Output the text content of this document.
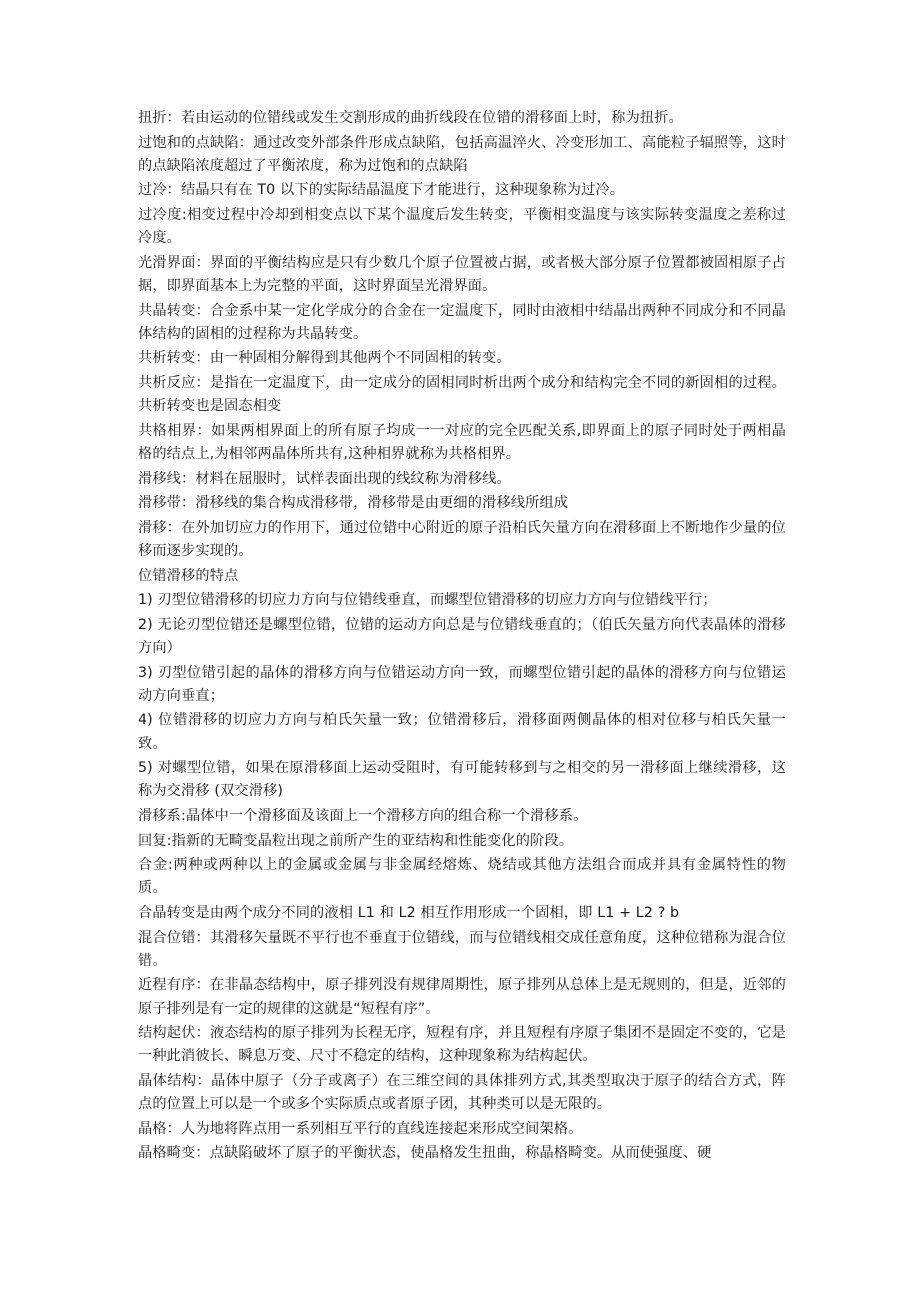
扭折：若由运动的位错线或发生交割形成的曲折线段在位错的滑移面上时，称为扭折。

过饱和的点缺陷：通过改变外部条件形成点缺陷，包括高温淬火、冷变形加工、高能粒子辐照等，这时的点缺陷浓度超过了平衡浓度，称为过饱和的点缺陷

过冷：结晶只有在 T0 以下的实际结晶温度下才能进行，这种现象称为过冷。

过冷度:相变过程中冷却到相变点以下某个温度后发生转变，平衡相变温度与该实际转变温度之差称过冷度。

光滑界面：界面的平衡结构应是只有少数几个原子位置被占据，或者极大部分原子位置都被固相原子占据，即界面基本上为完整的平面，这时界面呈光滑界面。

共晶转变：合金系中某一定化学成分的合金在一定温度下，同时由液相中结晶出两种不同成分和不同晶体结构的固相的过程称为共晶转变。

共析转变：由一种固相分解得到其他两个不同固相的转变。

共析反应：是指在一定温度下，由一定成分的固相同时析出两个成分和结构完全不同的新固相的过程。共析转变也是固态相变

共格相界：如果两相界面上的所有原子均成一一对应的完全匹配关系,即界面上的原子同时处于两相晶格的结点上,为相邻两晶体所共有,这种相界就称为共格相界。

滑移线：材料在屈服时，试样表面出现的线纹称为滑移线。

滑移带：滑移线的集合构成滑移带，滑移带是由更细的滑移线所组成

滑移：在外加切应力的作用下，通过位错中心附近的原子沿柏氏矢量方向在滑移面上不断地作少量的位移而逐步实现的。

位错滑移的特点

1) 刃型位错滑移的切应力方向与位错线垂直，而螺型位错滑移的切应力方向与位错线平行；

2) 无论刃型位错还是螺型位错，位错的运动方向总是与位错线垂直的；（伯氏矢量方向代表晶体的滑移方向）

3) 刃型位错引起的晶体的滑移方向与位错运动方向一致，而螺型位错引起的晶体的滑移方向与位错运动方向垂直；

4) 位错滑移的切应力方向与柏氏矢量一致；位错滑移后，滑移面两侧晶体的相对位移与柏氏矢量一致。

5) 对螺型位错，如果在原滑移面上运动受阻时，有可能转移到与之相交的另一滑移面上继续滑移，这称为交滑移 (双交滑移)

滑移系:晶体中一个滑移面及该面上一个滑移方向的组合称一个滑移系。

回复:指新的无畸变晶粒出现之前所产生的亚结构和性能变化的阶段。

合金:两种或两种以上的金属或金属与非金属经熔炼、烧结或其他方法组合而成并具有金属特性的物质。

合晶转变是由两个成分不同的液相 L1 和 L2 相互作用形成一个固相，即 L1 + L2 ? b

混合位错：其滑移矢量既不平行也不垂直于位错线，而与位错线相交成任意角度，这种位错称为混合位错。

近程有序：在非晶态结构中，原子排列没有规律周期性，原子排列从总体上是无规则的，但是，近邻的原子排列是有一定的规律的这就是“短程有序”。

结构起伏：液态结构的原子排列为长程无序，短程有序，并且短程有序原子集团不是固定不变的，它是一种此消彼长、瞬息万变、尺寸不稳定的结构，这种现象称为结构起伏。

晶体结构：晶体中原子（分子或离子）在三维空间的具体排列方式,其类型取决于原子的结合方式，阵点的位置上可以是一个或多个实际质点或者原子团，其种类可以是无限的。

晶格：人为地将阵点用一系列相互平行的直线连接起来形成空间架格。

晶格畸变：点缺陷破坏了原子的平衡状态，使晶格发生扭曲，称晶格畸变。从而使强度、硬
